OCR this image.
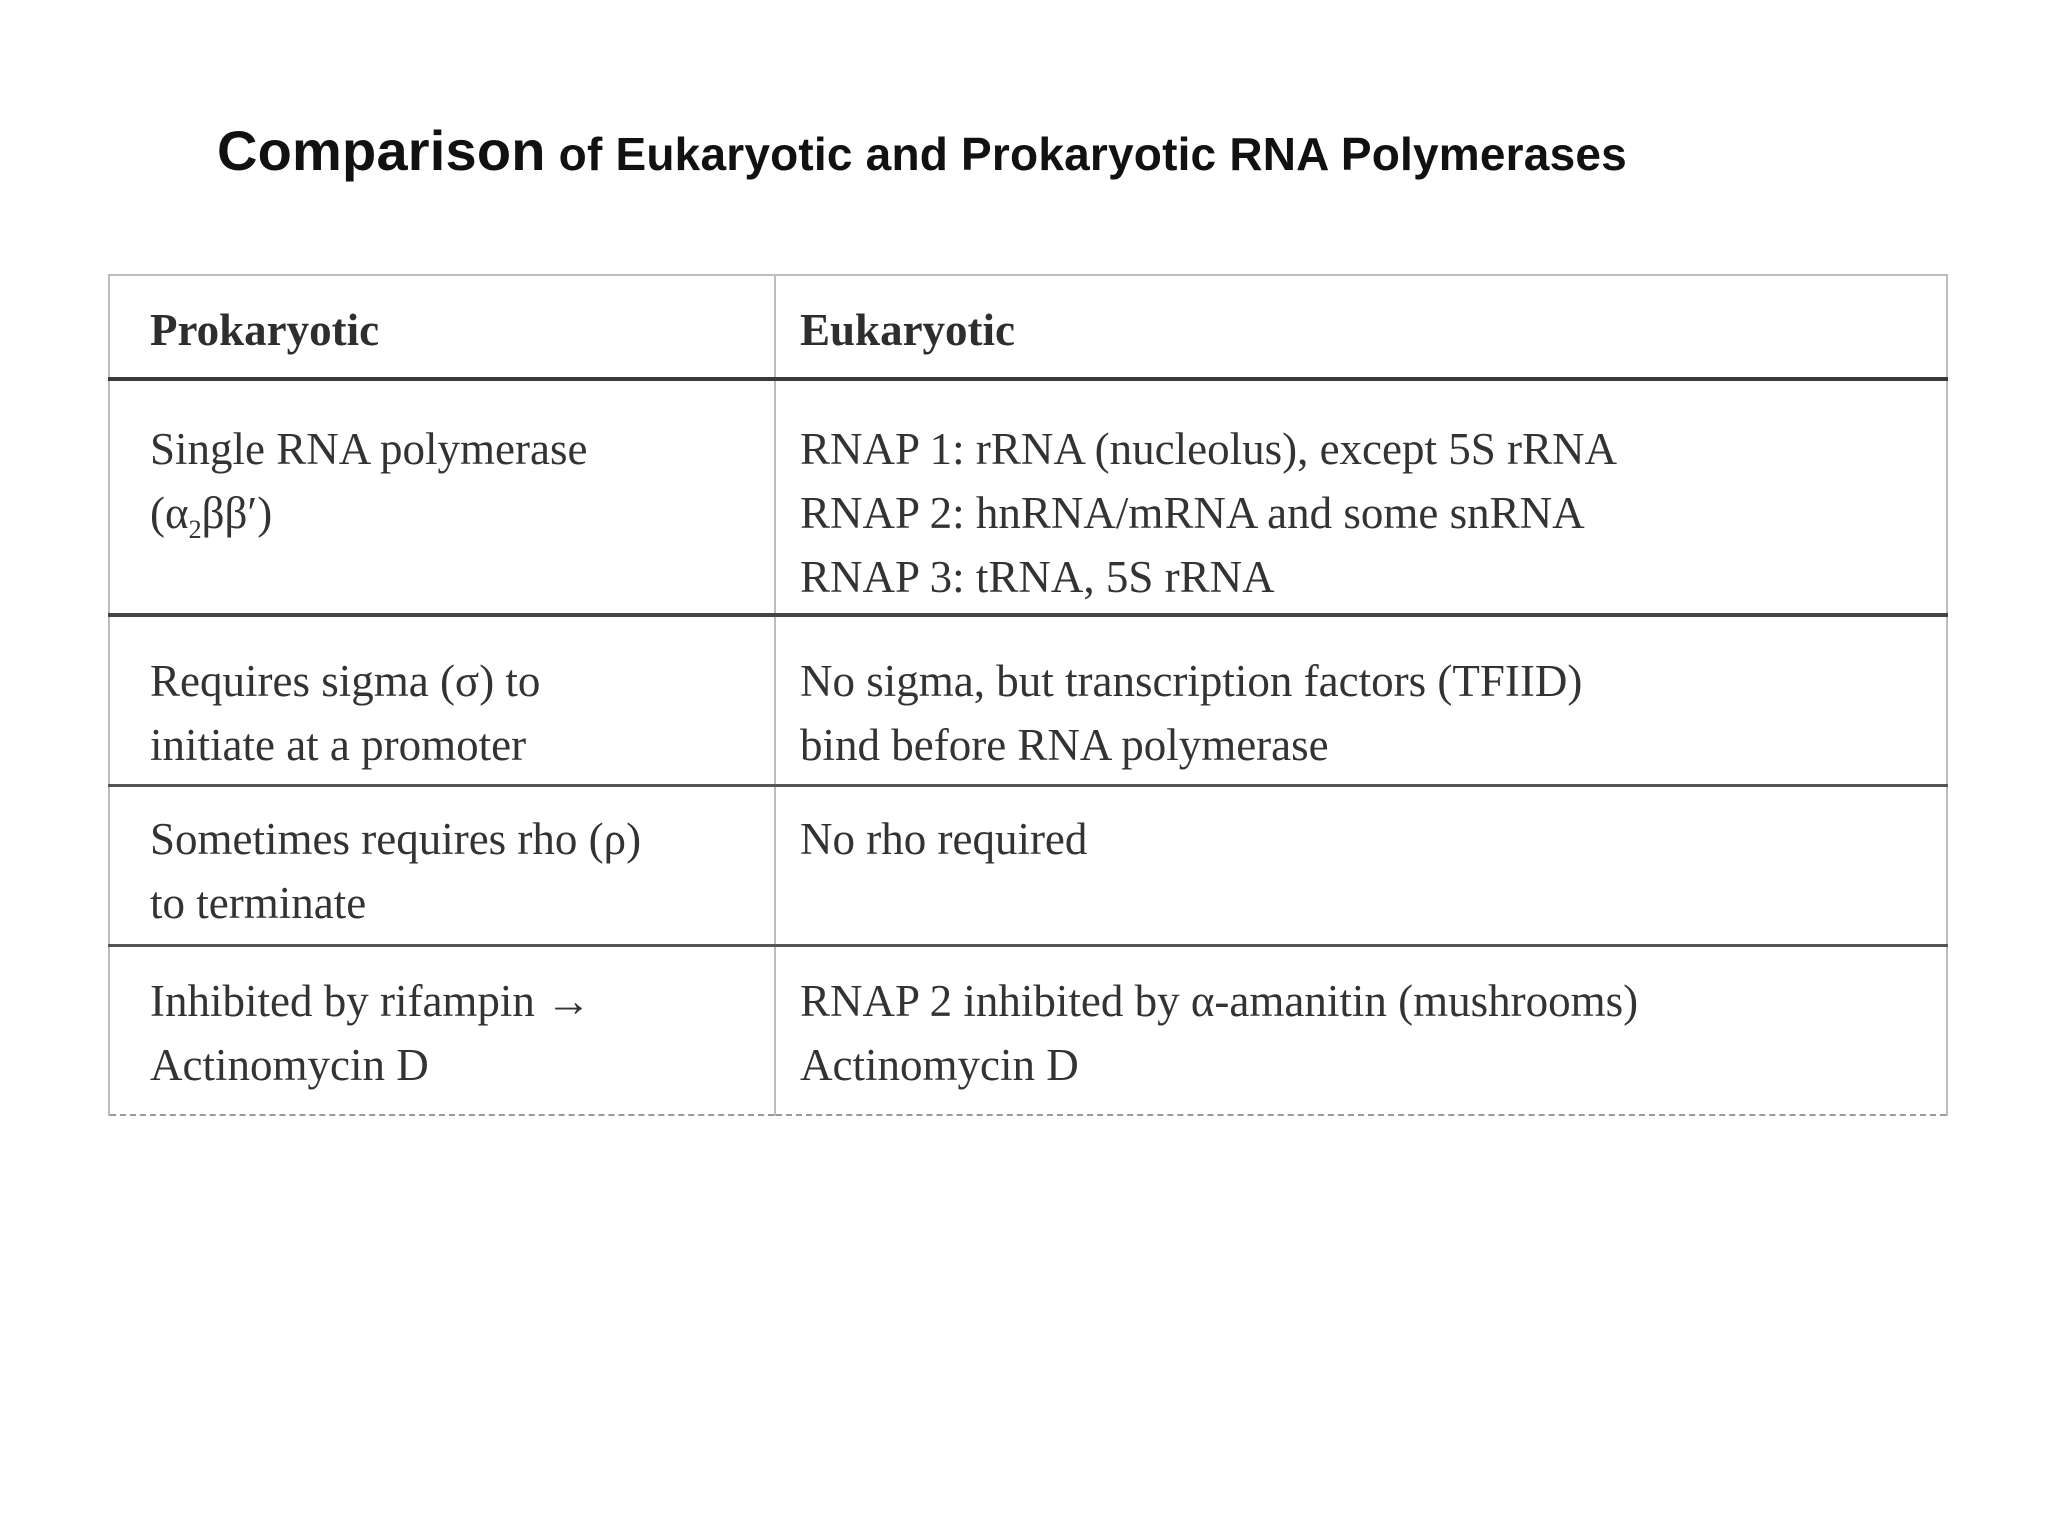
Comparison of Eukaryotic and Prokaryotic RNA Polymerases
Prokaryotic	Eukaryotic

Single RNA polymerase
$(\alpha_2\beta\beta')$	RNAP 1: rRNA (nucleolus), except 5S rRNA
RNAP 2: hnRNA/mRNA and some snRNA
RNAP 3: tRNA, 5S rRNA

Requires sigma (σ) to
initiate at a promoter	No sigma, but transcription factors (TFIID)
bind before RNA polymerase

Sometimes requires rho (ρ)
to terminate	No rho required

Inhibited by rifampin →
Actinomycin D	RNAP 2 inhibited by α-amanitin (mushrooms)
Actinomycin D
